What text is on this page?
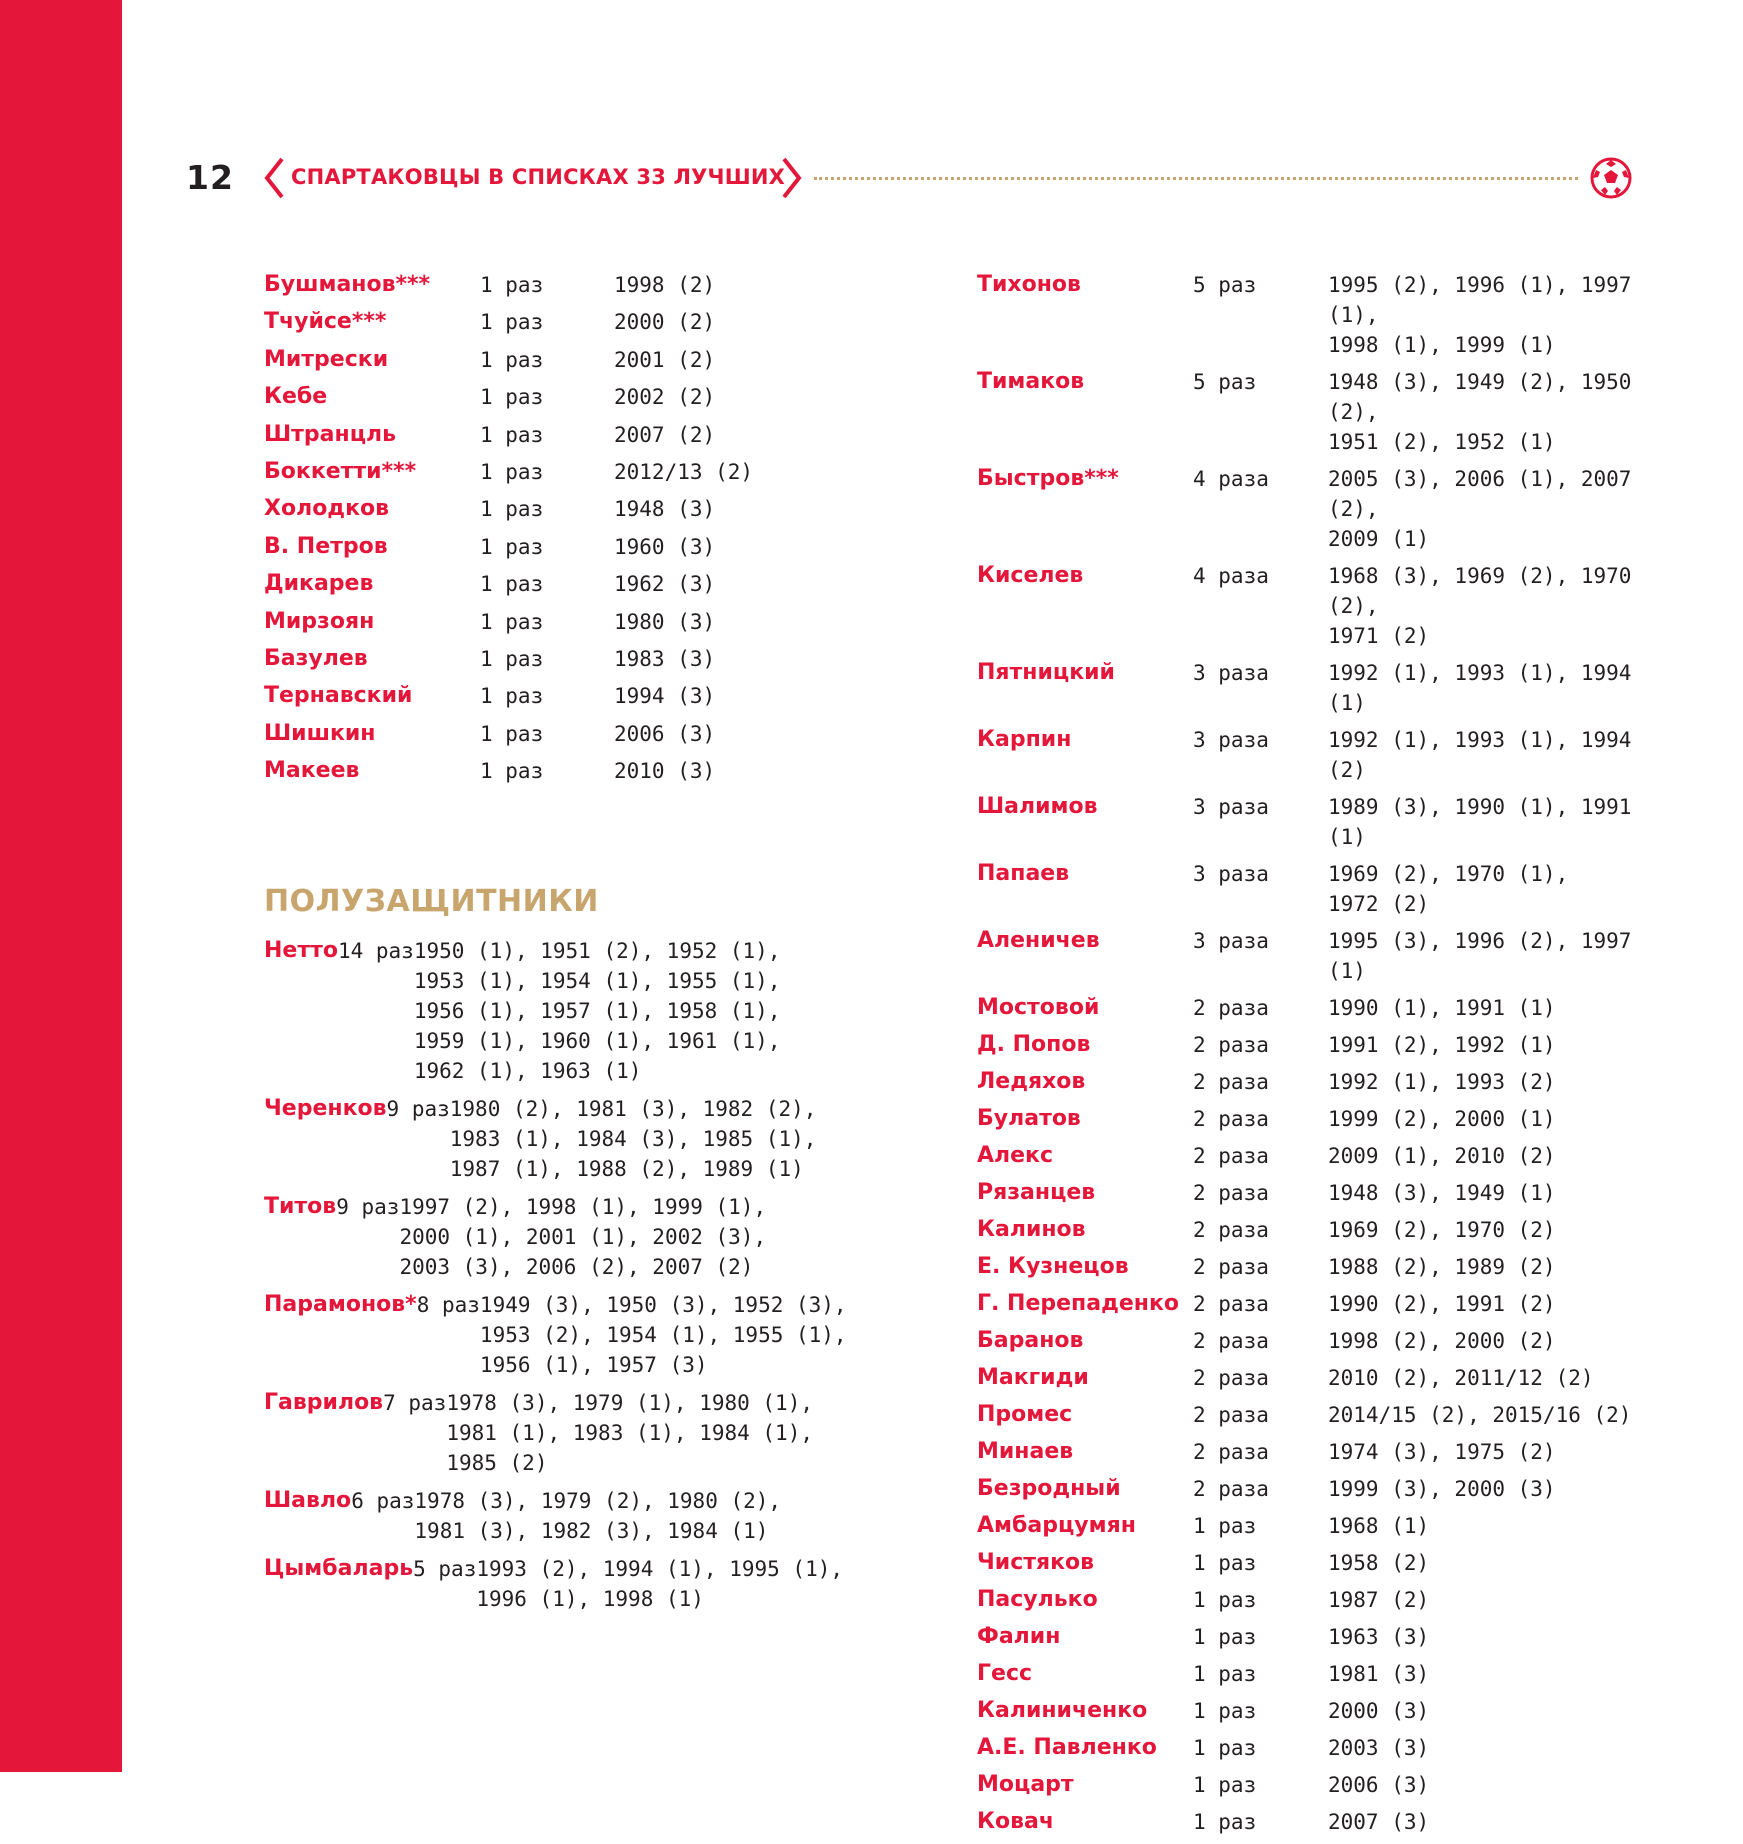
12	СПАРТАКОВЦЫ В СПИСКАХ 33 ЛУЧШИХ
Бушманов***	1 раз	1998 (2)
Тчуйсе***	1 раз	2000 (2)
Митрески	1 раз	2001 (2)
Кебе	1 раз	2002 (2)
Штранцль	1 раз	2007 (2)
Боккетти***	1 раз	2012/13 (2)
Холодков	1 раз	1948 (3)
В. Петров	1 раз	1960 (3)
Дикарев	1 раз	1962 (3)
Мирзоян	1 раз	1980 (3)
Базулев	1 раз	1983 (3)
Тернавский	1 раз	1994 (3)
Шишкин	1 раз	2006 (3)
Макеев	1 раз	2010 (3)
ПОЛУЗАЩИТНИКИ
Нетто 14 раз 1950 (1), 1951 (2), 1952 (1),
1953 (1), 1954 (1), 1955 (1),
1956 (1), 1957 (1), 1958 (1),
1959 (1), 1960 (1), 1961 (1),
1962 (1), 1963 (1)
Черенков 9 раз 1980 (2), 1981 (3), 1982 (2),
1983 (1), 1984 (3), 1985 (1),
1987 (1), 1988 (2), 1989 (1)
Титов 9 раз 1997 (2), 1998 (1), 1999 (1),
2000 (1), 2001 (1), 2002 (3),
2003 (3), 2006 (2), 2007 (2)
Парамонов* 8 раз 1949 (3), 1950 (3), 1952 (3),
1953 (2), 1954 (1), 1955 (1),
1956 (1), 1957 (3)
Гаврилов 7 раз 1978 (3), 1979 (1), 1980 (1),
1981 (1), 1983 (1), 1984 (1),
1985 (2)
Шавло 6 раз 1978 (3), 1979 (2), 1980 (2),
1981 (3), 1982 (3), 1984 (1)
Цымбаларь 5 раз 1993 (2), 1994 (1), 1995 (1),
1996 (1), 1998 (1)
Тихонов	5 раз	1995 (2), 1996 (1), 1997 (1),
1998 (1), 1999 (1)
Тимаков	5 раз	1948 (3), 1949 (2), 1950 (2),
1951 (2), 1952 (1)
Быстров***	4 раза	2005 (3), 2006 (1), 2007 (2),
2009 (1)
Киселев	4 раза	1968 (3), 1969 (2), 1970 (2),
1971 (2)
Пятницкий	3 раза	1992 (1), 1993 (1), 1994 (1)
Карпин	3 раза	1992 (1), 1993 (1), 1994 (2)
Шалимов	3 раза	1989 (3), 1990 (1), 1991 (1)
Папаев	3 раза	1969 (2), 1970 (1),
1972 (2)
Аленичев	3 раза	1995 (3), 1996 (2), 1997 (1)
Мостовой	2 раза	1990 (1), 1991 (1)
Д. Попов	2 раза	1991 (2), 1992 (1)
Ледяхов	2 раза	1992 (1), 1993 (2)
Булатов	2 раза	1999 (2), 2000 (1)
Алекс	2 раза	2009 (1), 2010 (2)
Рязанцев	2 раза	1948 (3), 1949 (1)
Калинов	2 раза	1969 (2), 1970 (2)
Е. Кузнецов	2 раза	1988 (2), 1989 (2)
Г. Перепаденко 2 раза	1990 (2), 1991 (2)
Баранов	2 раза	1998 (2), 2000 (2)
Макгиди	2 раза	2010 (2), 2011/12 (2)
Промес	2 раза	2014/15 (2), 2015/16 (2)
Минаев	2 раза	1974 (3), 1975 (2)
Безродный	2 раза	1999 (3), 2000 (3)
Амбарцумян	1 раз	1968 (1)
Чистяков	1 раз	1958 (2)
Пасулько	1 раз	1987 (2)
Фалин	1 раз	1963 (3)
Гесс	1 раз	1981 (3)
Калиниченко	1 раз	2000 (3)
А.Е. Павленко	1 раз	2003 (3)
Моцарт	1 раз	2006 (3)
Ковач	1 раз	2007 (3)
